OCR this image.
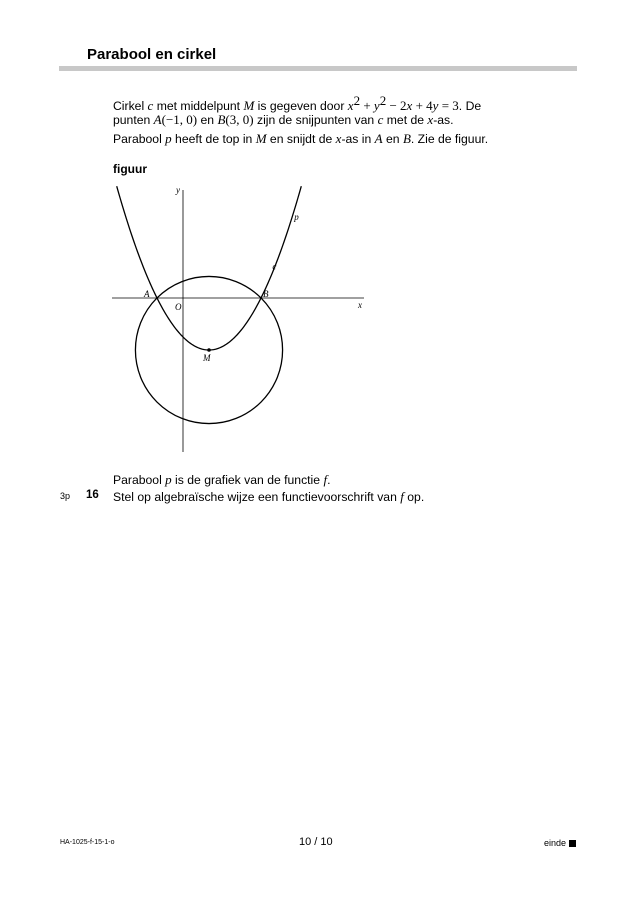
Parabool en cirkel
Cirkel c met middelpunt M is gegeven door $x^2 + y^2 - 2x + 4y = 3$. De
punten A(−1, 0) en B(3, 0) zijn de snijpunten van c met de x-as.
Parabool p heeft de top in M en snijdt de x-as in A en B. Zie de figuur.
figuur
y
x
O
A	B
M
c
p
Parabool p is de grafiek van de functie f.
3p 16 Stel op algebraïsche wijze een functievoorschrift van f op.
HA-1025-f-15-1-o	10 / 10	einde
